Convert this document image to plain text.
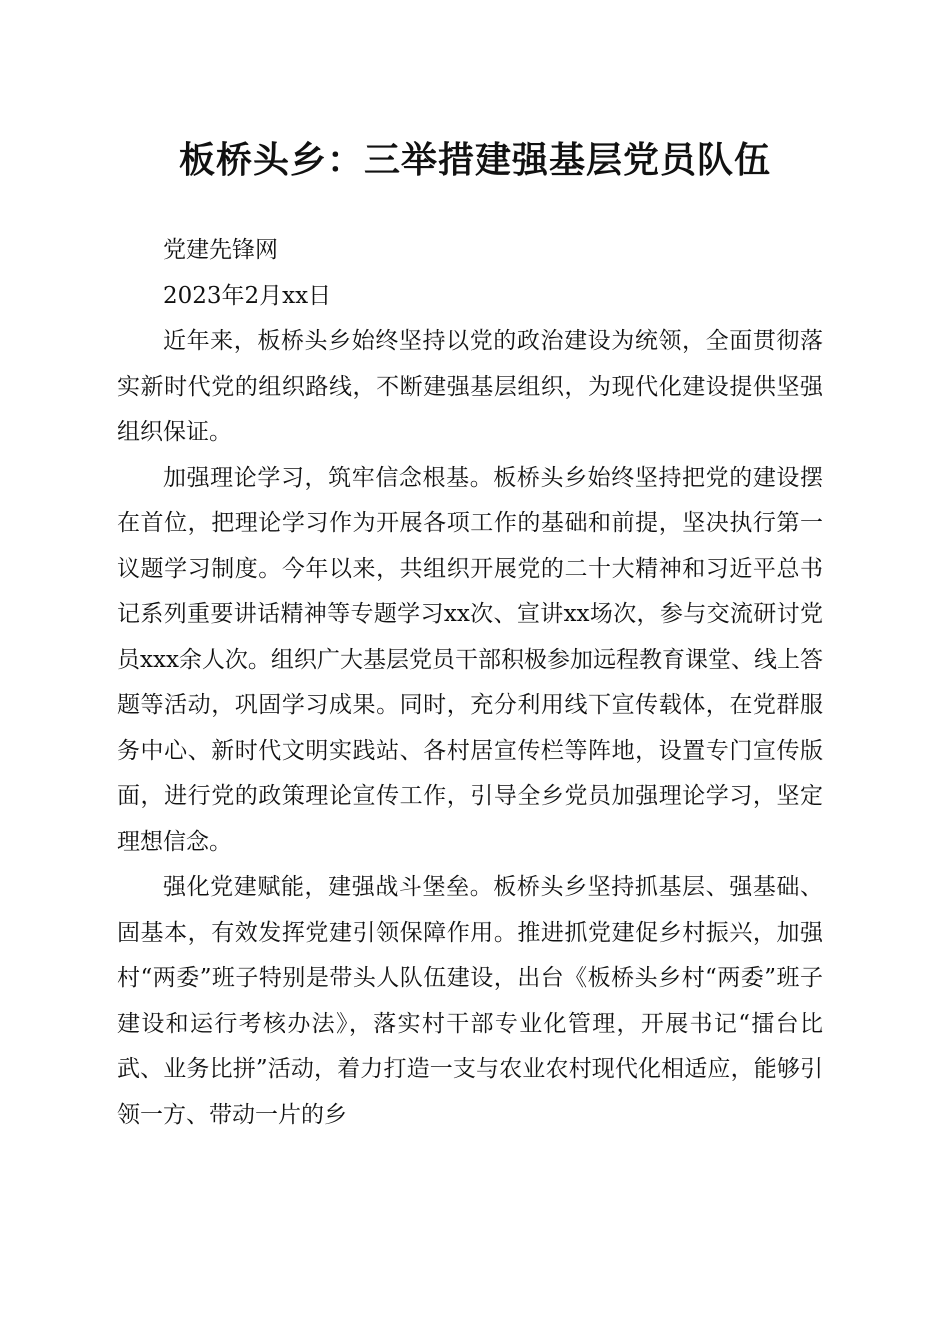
板桥头乡：三举措建强基层党员队伍

党建先锋网

2023年2月xx日

近年来，板桥头乡始终坚持以党的政治建设为统领，全面贯彻落实新时代党的组织路线，不断建强基层组织，为现代化建设提供坚强组织保证。

加强理论学习，筑牢信念根基。板桥头乡始终坚持把党的建设摆在首位，把理论学习作为开展各项工作的基础和前提，坚决执行第一议题学习制度。今年以来，共组织开展党的二十大精神和习近平总书记系列重要讲话精神等专题学习xx次、宣讲xx场次，参与交流研讨党员xxx余人次。组织广大基层党员干部积极参加远程教育课堂、线上答题等活动，巩固学习成果。同时，充分利用线下宣传载体，在党群服务中心、新时代文明实践站、各村居宣传栏等阵地，设置专门宣传版面，进行党的政策理论宣传工作，引导全乡党员加强理论学习，坚定理想信念。

强化党建赋能，建强战斗堡垒。板桥头乡坚持抓基层、强基础、固基本，有效发挥党建引领保障作用。推进抓党建促乡村振兴，加强村“两委”班子特别是带头人队伍建设，出台《板桥头乡村“两委”班子建设和运行考核办法》，落实村干部专业化管理，开展书记“擂台比武、业务比拼”活动，着力打造一支与农业农村现代化相适应，能够引领一方、带动一片的乡
